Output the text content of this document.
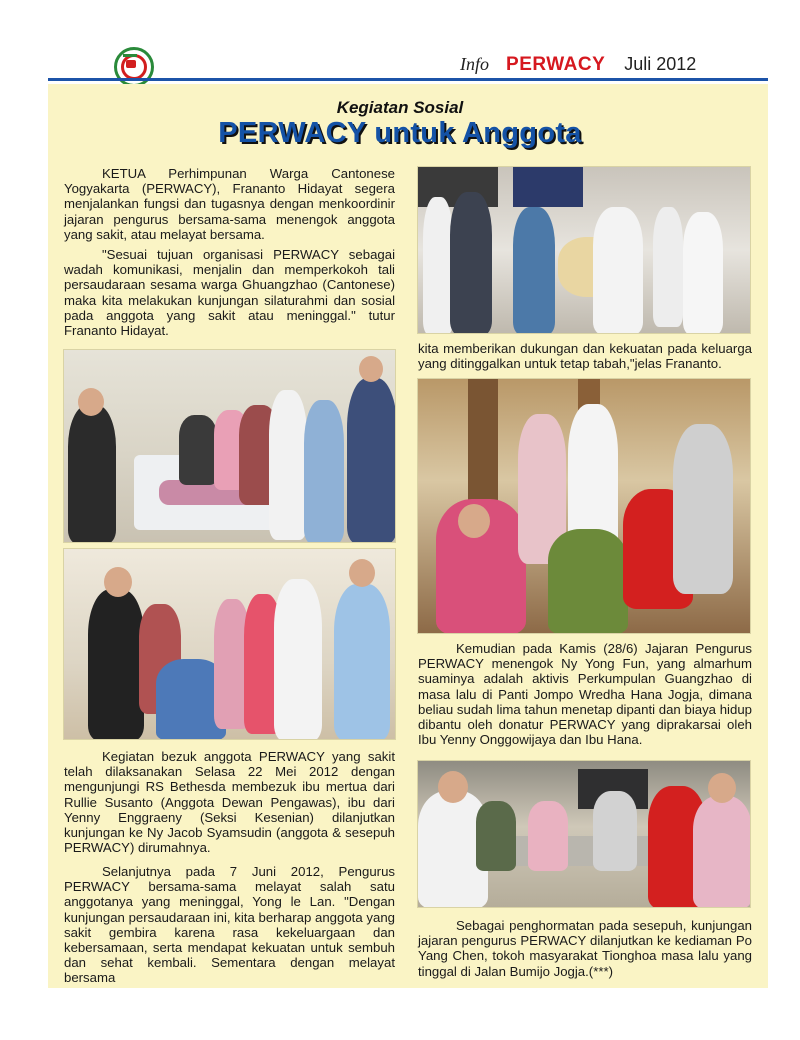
Info PERWACY Juli 2012
Kegiatan Sosial
PERWACY untuk Anggota

KETUA Perhimpunan Warga Cantonese Yogyakarta (PERWACY), Frananto Hidayat segera menjalankan fungsi dan tugasnya dengan menkoordinir jajaran pengurus bersama-sama menengok anggota yang sakit, atau melayat bersama.

"Sesuai tujuan organisasi PERWACY sebagai wadah komunikasi, menjalin dan memperkokoh tali persaudaraan sesama warga Ghuangzhao (Cantonese) maka kita melakukan kunjungan silaturahmi dan sosial pada anggota yang sakit atau meninggal." tutur Frananto Hidayat.

Kegiatan bezuk anggota PERWACY yang sakit telah dilaksanakan Selasa 22 Mei 2012 dengan mengunjungi RS Bethesda membezuk ibu mertua dari Rullie Susanto (Anggota Dewan Pengawas), ibu dari Yenny Enggraeny (Seksi Kesenian) dilanjutkan kunjungan ke Ny Jacob Syamsudin (anggota & sesepuh PERWACY) dirumahnya.

Selanjutnya pada 7 Juni 2012, Pengurus PERWACY bersama-sama melayat salah satu anggotanya yang meninggal, Yong le Lan. "Dengan kunjungan persaudaraan ini, kita berharap anggota yang sakit gembira karena rasa kekeluargaan dan kebersamaan, serta mendapat kekuatan untuk sembuh dan sehat kembali. Sementara dengan melayat bersama

kita memberikan dukungan dan kekuatan pada keluarga yang ditinggalkan untuk tetap tabah,"jelas Frananto.

Kemudian pada Kamis (28/6) Jajaran Pengurus PERWACY menengok Ny Yong Fun, yang almarhum suaminya adalah aktivis Perkumpulan Guangzhao di masa lalu di Panti Jompo Wredha Hana Jogja, dimana beliau sudah lima tahun menetap dipanti dan biaya hidup dibantu oleh donatur PERWACY yang diprakarsai oleh Ibu Yenny Onggowijaya dan Ibu Hana.

Sebagai penghormatan pada sesepuh, kunjungan jajaran pengurus PERWACY dilanjutkan ke kediaman Po Yang Chen, tokoh masyarakat Tionghoa masa lalu yang tinggal di Jalan Bumijo Jogja.(***)
